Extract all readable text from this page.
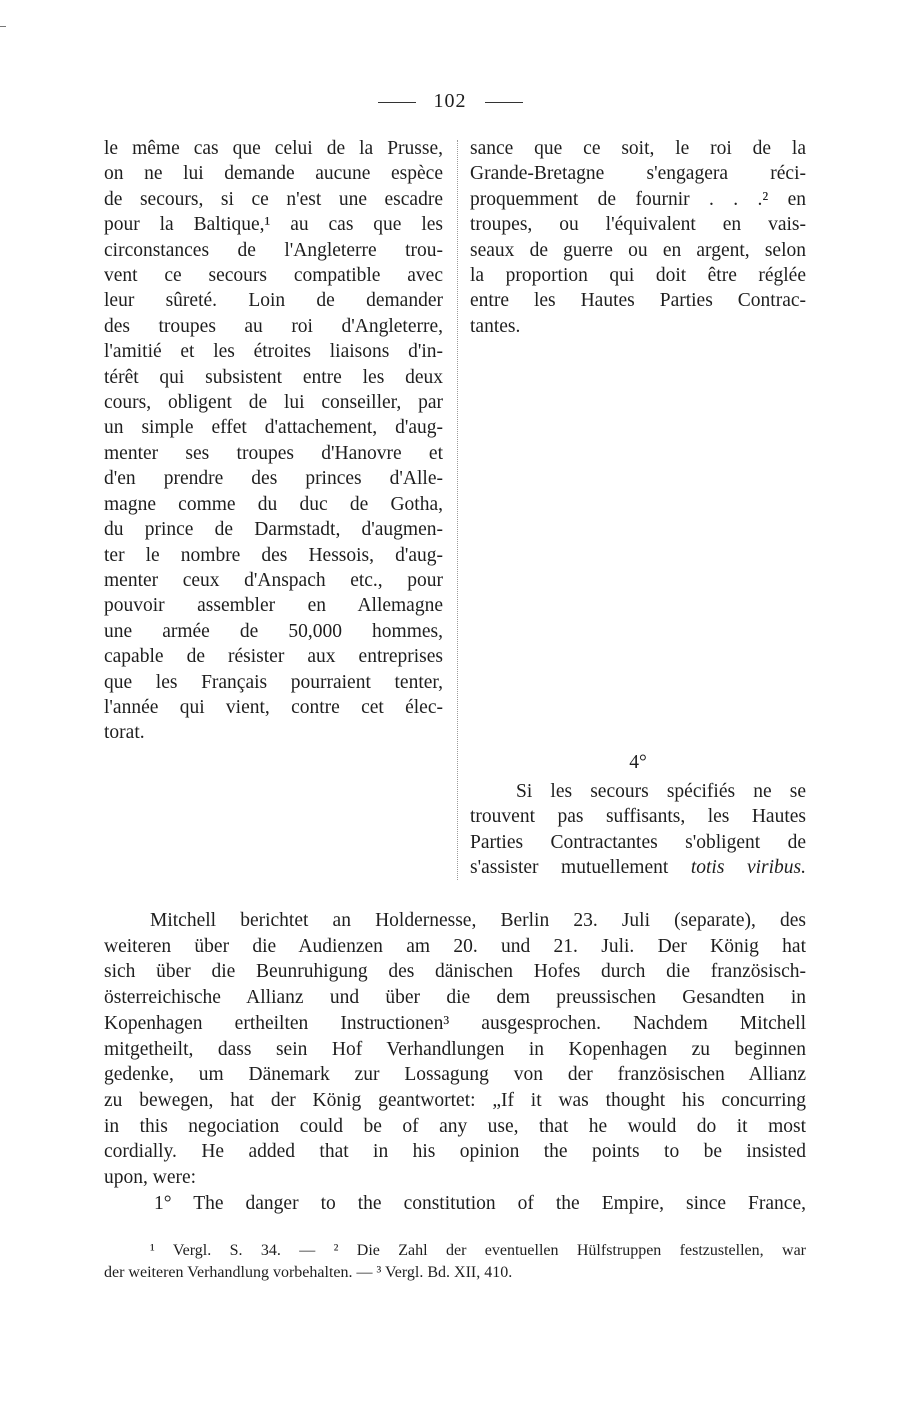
102
le même cas que celui de la Prusse,
on ne lui demande aucune espèce
de secours, si ce n'est une escadre
pour la Baltique,¹ au cas que les
circonstances de l'Angleterre trou-
vent ce secours compatible avec
leur sûreté. Loin de demander
des troupes au roi d'Angleterre,
l'amitié et les étroites liaisons d'in-
térêt qui subsistent entre les deux
cours, obligent de lui conseiller, par
un simple effet d'attachement, d'aug-
menter ses troupes d'Hanovre et
d'en prendre des princes d'Alle-
magne comme du duc de Gotha,
du prince de Darmstadt, d'augmen-
ter le nombre des Hessois, d'aug-
menter ceux d'Anspach etc., pour
pouvoir assembler en Allemagne
une armée de 50,000 hommes,
capable de résister aux entreprises
que les Français pourraient tenter,
l'année qui vient, contre cet élec-
torat.
sance que ce soit, le roi de la
Grande-Bretagne s'engagera réci-
proquemment de fournir . . .² en
troupes, ou l'équivalent en vais-
seaux de guerre ou en argent, selon
la proportion qui doit être réglée
entre les Hautes Parties Contrac-
tantes.
4°
Si les secours spécifiés ne se
trouvent pas suffisants, les Hautes
Parties Contractantes s'obligent de
s'assister mutuellement totis viribus.
Mitchell berichtet an Holdernesse, Berlin 23. Juli (separate), des
weiteren über die Audienzen am 20. und 21. Juli. Der König hat
sich über die Beunruhigung des dänischen Hofes durch die französisch-
österreichische Allianz und über die dem preussischen Gesandten in
Kopenhagen ertheilten Instructionen³ ausgesprochen. Nachdem Mitchell
mitgetheilt, dass sein Hof Verhandlungen in Kopenhagen zu beginnen
gedenke, um Dänemark zur Lossagung von der französischen Allianz
zu bewegen, hat der König geantwortet: „If it was thought his concurring
in this negociation could be of any use, that he would do it most
cordially. He added that in his opinion the points to be insisted
upon, were:
1° The danger to the constitution of the Empire, since France,
¹ Vergl. S. 34. — ² Die Zahl der eventuellen Hülfstruppen festzustellen, war
der weiteren Verhandlung vorbehalten. — ³ Vergl. Bd. XII, 410.
